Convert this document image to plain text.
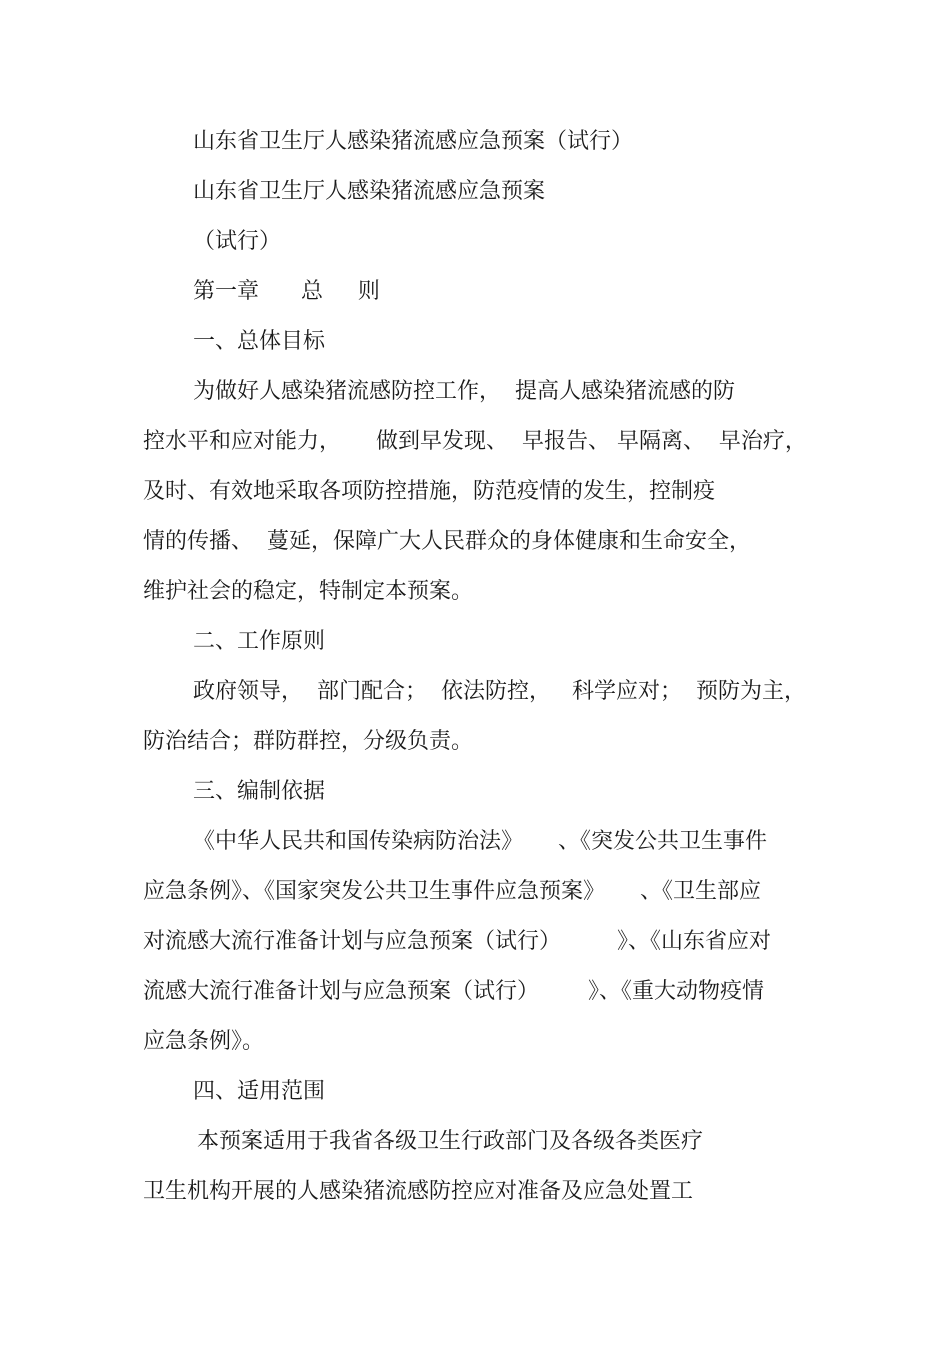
山东省卫生厅人感染猪流感应急预案（试行）
山东省卫生厅人感染猪流感应急预案
（试行）
第一章      总     则
一、总体目标
为做好人感染猪流感防控工作，  提高人感染猪流感的防
控水平和应对能力，     做到早发现、  早报告、 早隔离、  早治疗，
及时、有效地采取各项防控措施，防范疫情的发生，控制疫
情的传播、  蔓延，保障广大人民群众的身体健康和生命安全，
维护社会的稳定，特制定本预案。
二、工作原则
政府领导，  部门配合；  依法防控，   科学应对；  预防为主，
防治结合；群防群控，分级负责。
三、编制依据
《中华人民共和国传染病防治法》     、《突发公共卫生事件
应急条例》、《国家突发公共卫生事件应急预案》     、《卫生部应
对流感大流行准备计划与应急预案（试行）        》、《山东省应对
流感大流行准备计划与应急预案（试行）       》、《重大动物疫情
应急条例》。
四、适用范围
本预案适用于我省各级卫生行政部门及各级各类医疗
卫生机构开展的人感染猪流感防控应对准备及应急处置工
